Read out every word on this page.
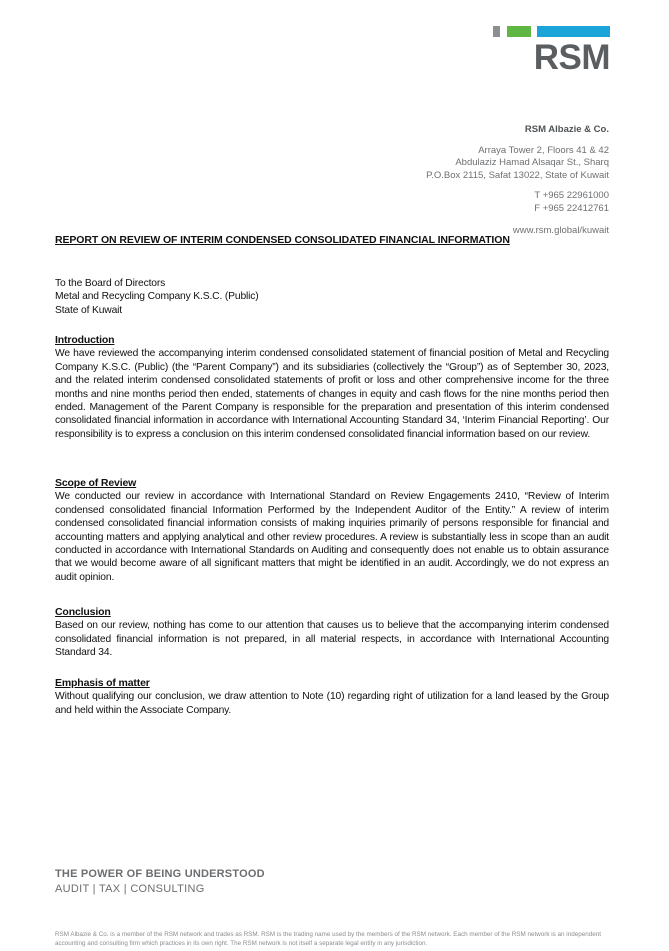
RSM
RSM Albazie & Co.
Arraya Tower 2, Floors 41 & 42
Abdulaziz Hamad Alsaqar St., Sharq
P.O.Box 2115, Safat 13022, State of Kuwait
T +965 22961000
F +965 22412761
www.rsm.global/kuwait
REPORT ON REVIEW OF INTERIM CONDENSED CONSOLIDATED FINANCIAL INFORMATION
To the Board of Directors
Metal and Recycling Company K.S.C. (Public)
State of Kuwait
Introduction
We have reviewed the accompanying interim condensed consolidated statement of financial position of Metal and Recycling Company K.S.C. (Public) (the “Parent Company”) and its subsidiaries (collectively the “Group”) as of September 30, 2023, and the related interim condensed consolidated statements of profit or loss and other comprehensive income for the three months and nine months period then ended, statements of changes in equity and cash flows for the nine months period then ended. Management of the Parent Company is responsible for the preparation and presentation of this interim condensed consolidated financial information in accordance with International Accounting Standard 34, ‘Interim Financial Reporting’. Our responsibility is to express a conclusion on this interim condensed consolidated financial information based on our review.
Scope of Review
We conducted our review in accordance with International Standard on Review Engagements 2410, “Review of Interim condensed consolidated financial Information Performed by the Independent Auditor of the Entity.” A review of interim condensed consolidated financial information consists of making inquiries primarily of persons responsible for financial and accounting matters and applying analytical and other review procedures. A review is substantially less in scope than an audit conducted in accordance with International Standards on Auditing and consequently does not enable us to obtain assurance that we would become aware of all significant matters that might be identified in an audit. Accordingly, we do not express an audit opinion.
Conclusion
Based on our review, nothing has come to our attention that causes us to believe that the accompanying interim condensed consolidated financial information is not prepared, in all material respects, in accordance with International Accounting Standard 34.
Emphasis of matter
Without qualifying our conclusion, we draw attention to Note (10) regarding right of utilization for a land leased by the Group and held within the Associate Company.
THE POWER OF BEING UNDERSTOOD
AUDIT | TAX | CONSULTING
RSM Albazie & Co. is a member of the RSM network and trades as RSM. RSM is the trading name used by the members of the RSM network. Each member of the RSM network is an independent accounting and consulting firm which practices in its own right. The RSM network is not itself a separate legal entity in any jurisdiction.
